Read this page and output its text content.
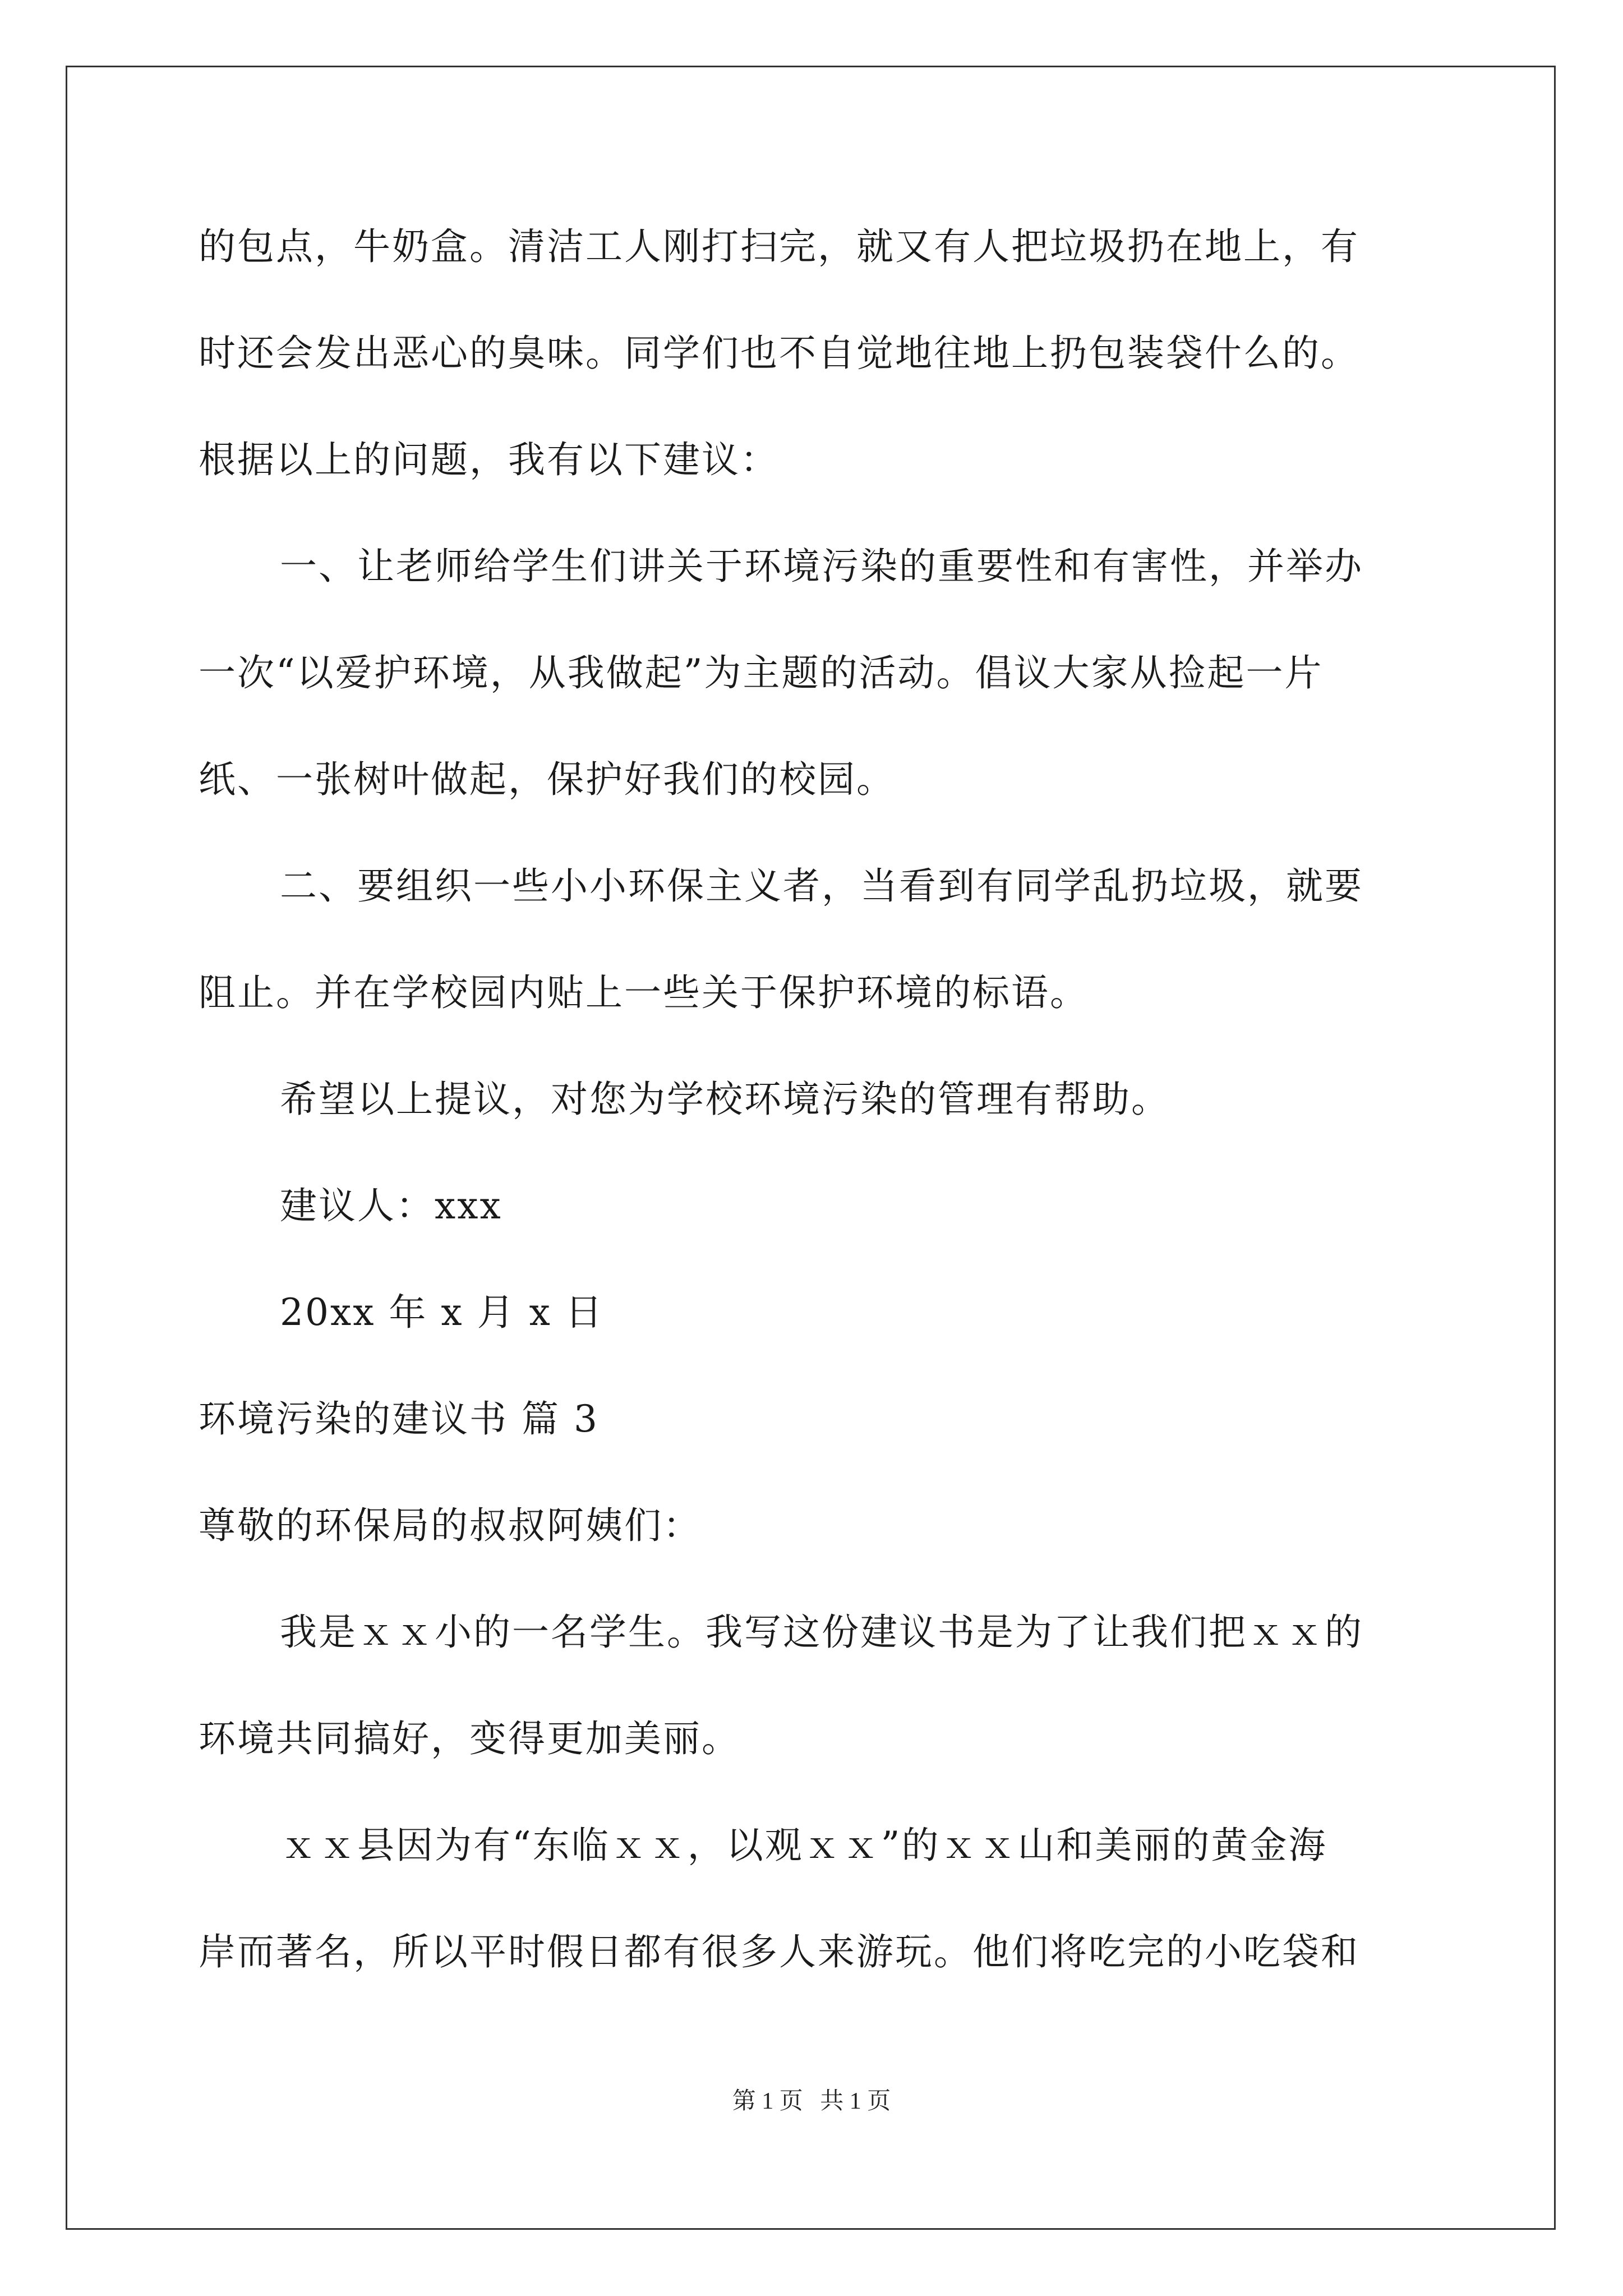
的包点，牛奶盒。清洁工人刚打扫完，就又有人把垃圾扔在地上，有
时还会发出恶心的臭味。同学们也不自觉地往地上扔包装袋什么的。
根据以上的问题，我有以下建议：
一、让老师给学生们讲关于环境污染的重要性和有害性，并举办
一次“以爱护环境，从我做起”为主题的活动。倡议大家从捡起一片
纸、一张树叶做起，保护好我们的校园。
二、要组织一些小小环保主义者，当看到有同学乱扔垃圾，就要
阻止。并在学校园内贴上一些关于保护环境的标语。
希望以上提议，对您为学校环境污染的管理有帮助。
建议人：xxx
20xx 年 x 月 x 日
环境污染的建议书 篇 3
尊敬的环保局的叔叔阿姨们：
我是ｘｘ小的一名学生。我写这份建议书是为了让我们把ｘｘ的
环境共同搞好，变得更加美丽。
ｘｘ县因为有“东临ｘｘ，以观ｘｘ”的ｘｘ山和美丽的黄金海
岸而著名，所以平时假日都有很多人来游玩。他们将吃完的小吃袋和
第 1 页 共 1 页
